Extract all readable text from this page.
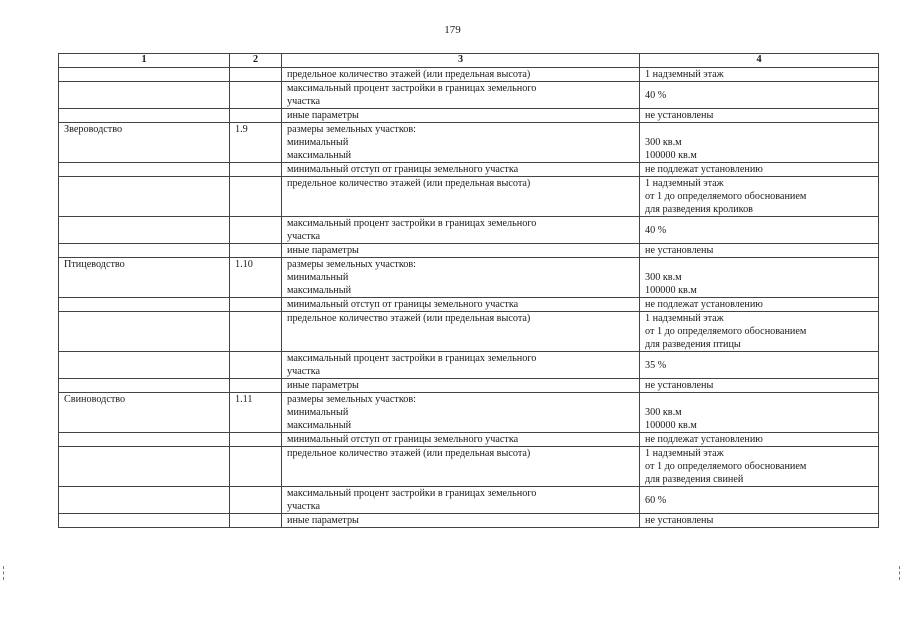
179
1	2	3	4

		предельное количество этажей (или предельная высота)	1 надземный этаж

		максимальный процент застройки в границах земельного
участка	40 %

		иные параметры	не установлены

Звероводство	1.9	размеры земельных участков:
минимальный
максимальный	300 кв.м
100000 кв.м

		минимальный отступ от границы земельного участка	не подлежат установлению

		предельное количество этажей (или предельная высота)	1 надземный этаж
от 1 до определяемого обоснованием
для разведения кроликов

		максимальный процент застройки в границах земельного
участка	40 %

		иные параметры	не установлены

Птицеводство	1.10	размеры земельных участков:
минимальный
максимальный	300 кв.м
100000 кв.м

		минимальный отступ от границы земельного участка	не подлежат установлению

		предельное количество этажей (или предельная высота)	1 надземный этаж
от 1 до определяемого обоснованием
для разведения птицы

		максимальный процент застройки в границах земельного
участка	35 %

		иные параметры	не установлены

Свиноводство	1.11	размеры земельных участков:
минимальный
максимальный	300 кв.м
100000 кв.м

		минимальный отступ от границы земельного участка	не подлежат установлению

		предельное количество этажей (или предельная высота)	1 надземный этаж
от 1 до определяемого обоснованием
для разведения свиней

		максимальный процент застройки в границах земельного
участка	60 %

		иные параметры	не установлены
